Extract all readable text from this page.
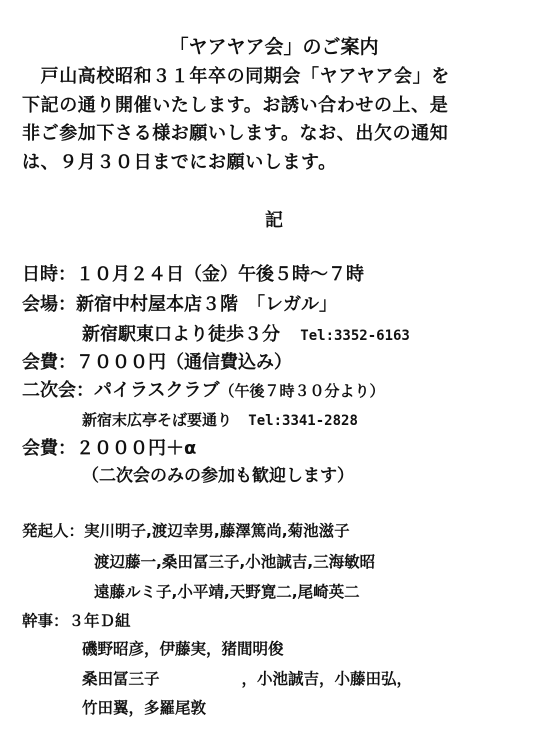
「ヤアヤア会」のご案内
　戸山高校昭和３１年卒の同期会「ヤアヤア会」を
下記の通り開催いたします。お誘い合わせの上、是
非ご参加下さる様お願いします。なお、出欠の通知
は、９月３０日までにお願いします。
記
日時：１０月２４日（金）午後５時〜７時
会場：新宿中村屋本店３階　「レガル」
新宿駅東口より徒歩３分 Tel:3352-6163
会費：７０００円（通信費込み）
二次会：パイラスクラブ（午後７時３０分より）
新宿末広亭そば要通り Tel:3341-2828
会費：２０００円＋α
（二次会のみの参加も歓迎します）
発起人：実川明子,渡辺幸男,藤澤篤尚,菊池滋子
渡辺藤一,桑田冨三子,小池誠吉,三海敏昭
遠藤ルミ子,小平靖,天野寛二,尾崎英二
幹事：３年Ｄ組
磯野昭彦，伊藤実，猪間明俊
桑田冨三子	，小池誠吉，小藤田弘，
竹田翼，多羅尾敦
